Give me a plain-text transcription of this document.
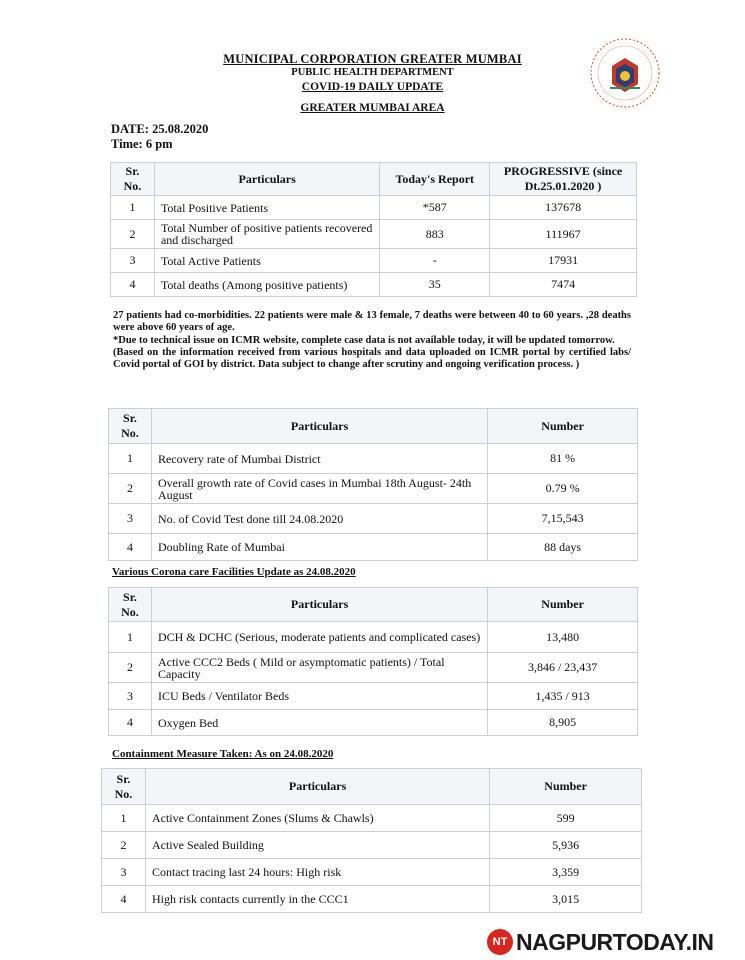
MUNICIPAL CORPORATION GREATER MUMBAI
PUBLIC HEALTH DEPARTMENT
COVID-19 DAILY UPDATE
GREATER MUMBAI AREA
DATE: 25.08.2020
Time: 6 pm
Sr. No.	Particulars	Today's Report	PROGRESSIVE (since Dt.25.01.2020 )
1	Total Positive Patients	*587	137678
2	Total Number of positive patients recovered and discharged	883	111967
3	Total Active Patients	-	17931
4	Total deaths (Among positive patients)	35	7474

27 patients had co-morbidities. 22 patients were male & 13 female, 7 deaths were between 40 to 60 years. ,28 deaths were above 60 years of age.

*Due to technical issue on ICMR website, complete case data is not available today, it will be updated tomorrow.

(Based on the information received from various hospitals and data uploaded on ICMR portal by certified labs/ Covid portal of GOI by district. Data subject to change after scrutiny and ongoing verification process. )

Sr. No.	Particulars	Number
1	Recovery rate of Mumbai District	81 %
2	Overall growth rate of Covid cases in Mumbai 18th August- 24th August	0.79 %
3	No. of Covid Test done till 24.08.2020	7,15,543
4	Doubling Rate of Mumbai	88 days
Various Corona care Facilities Update as 24.08.2020
Sr. No.	Particulars	Number
1	DCH & DCHC (Serious, moderate patients and complicated cases)	13,480
2	Active CCC2 Beds ( Mild or asymptomatic patients) / Total Capacity	3,846 / 23,437
3	ICU Beds / Ventilator Beds	1,435 / 913
4	Oxygen Bed	8,905
Containment Measure Taken: As on 24.08.2020
Sr. No.	Particulars	Number
1	Active Containment Zones (Slums & Chawls)	599
2	Active Sealed Building	5,936
3	Contact tracing last 24 hours: High risk	3,359
4	High risk contacts currently in the CCC1	3,015
NT NAGPURTODAY.IN
